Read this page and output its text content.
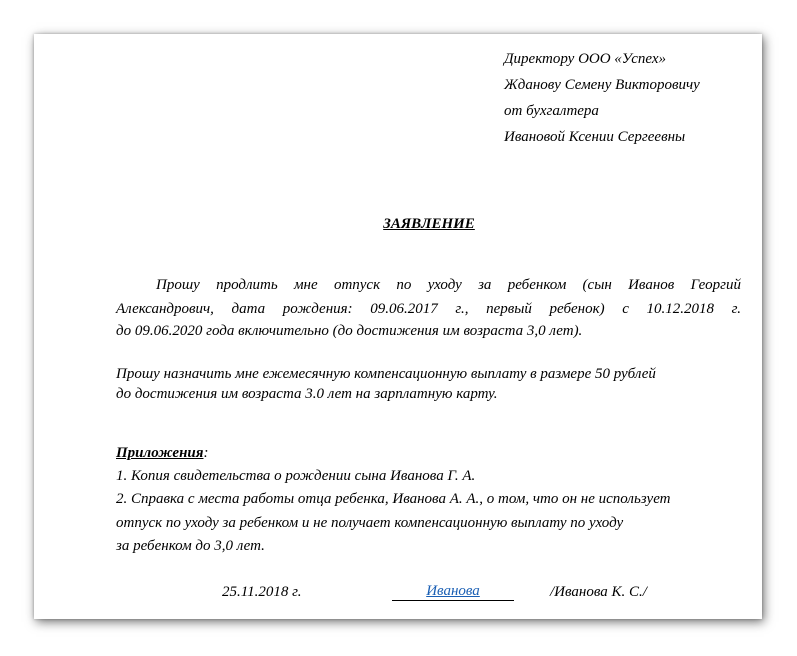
Директору ООО «Успех»
Жданову Семену Викторовичу
от бухгалтера
Ивановой Ксении Сергеевны
ЗАЯВЛЕНИЕ
Прошу продлить мне отпуск по уходу за ребенком (сын Иванов Георгий
Александрович, дата рождения: 09.06.2017 г., первый ребенок) с 10.12.2018 г.
до 09.06.2020 года включительно (до достижения им возраста 3,0 лет).
Прошу назначить мне ежемесячную компенсационную выплату в размере 50 рублей
до достижения им возраста 3.0 лет на зарплатную карту.
Приложения:
1. Копия свидетельства о рождении сына Иванова Г. А.
2. Справка с места работы отца ребенка, Иванова А. А., о том, что он не использует
отпуск по уходу за ребенком и не получает компенсационную выплату по уходу
за ребенком до 3,0 лет.
25.11.2018 г.	Иванова	/Иванова К. С./
